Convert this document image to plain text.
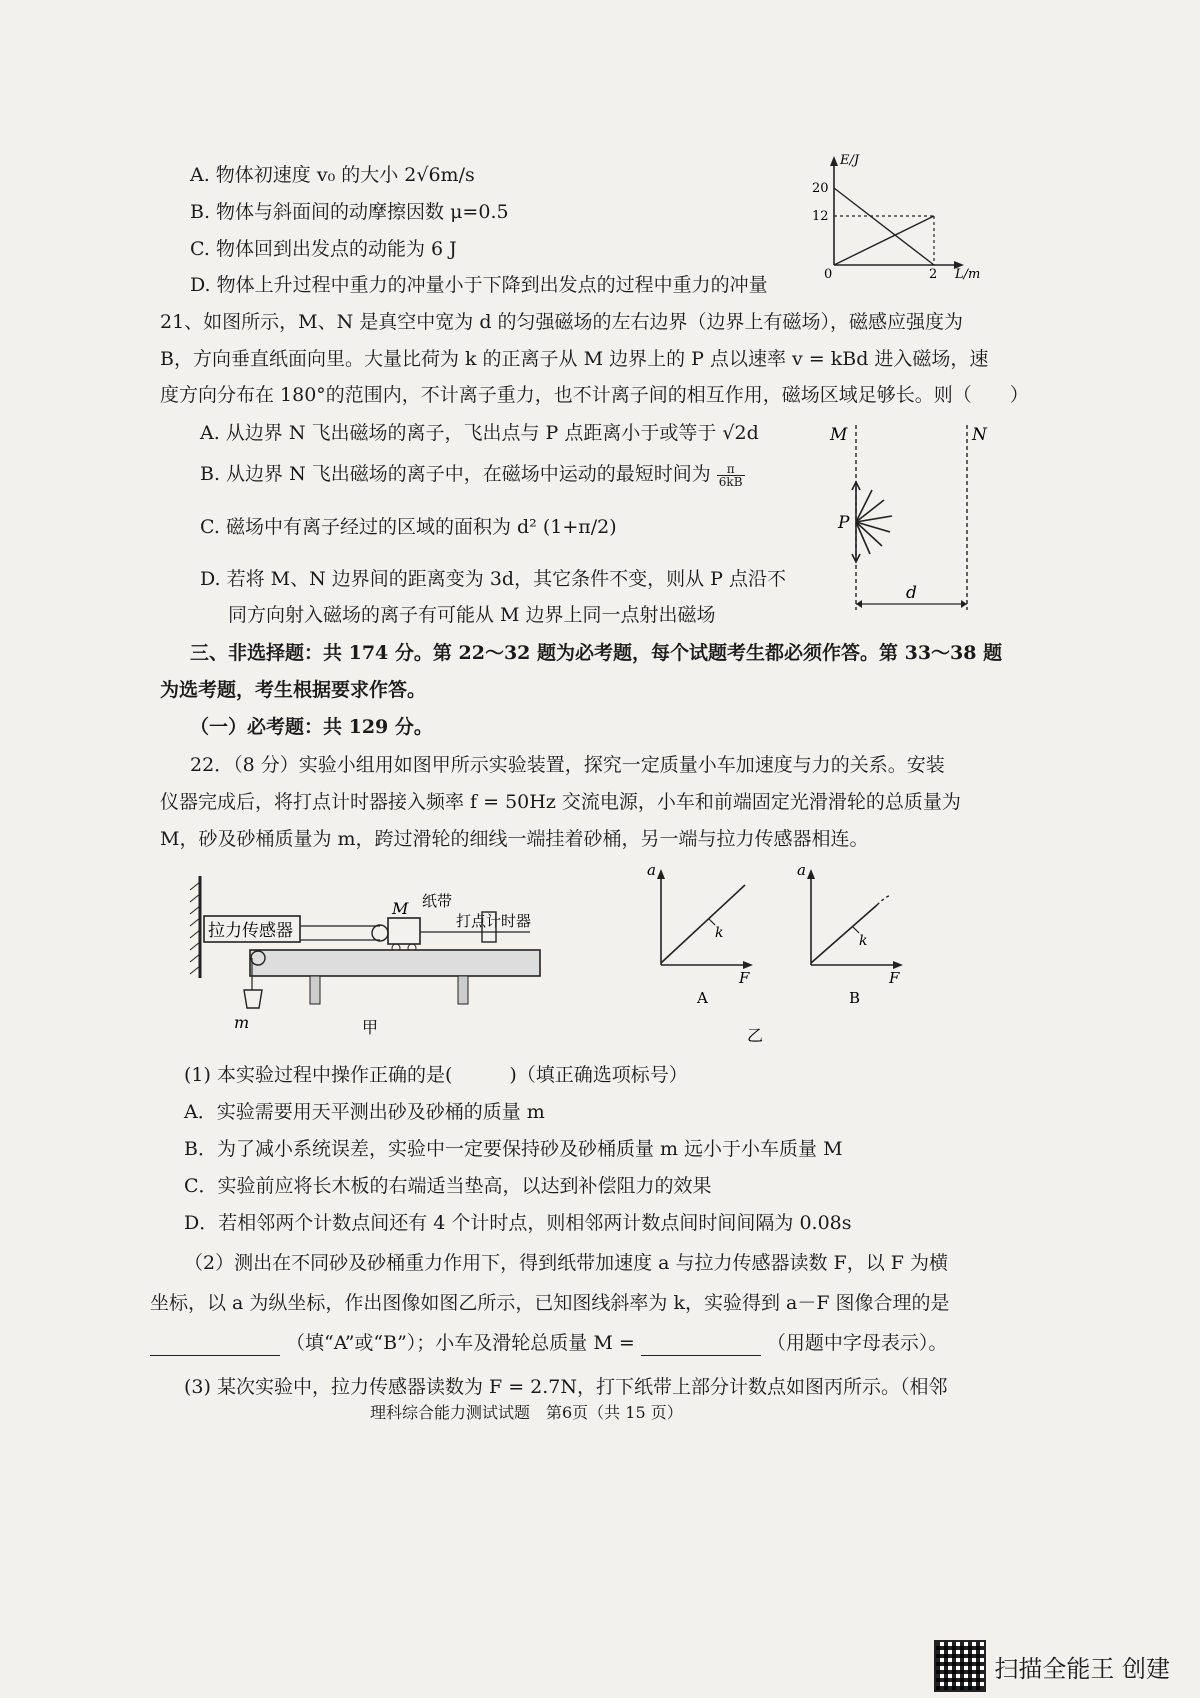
A. 物体初速度 v₀ 的大小 2√6m/s
B. 物体与斜面间的动摩擦因数 μ=0.5
C. 物体回到出发点的动能为 6 J
D. 物体上升过程中重力的冲量小于下降到出发点的过程中重力的冲量
E/J
20
12
0	2 L/m
21、如图所示，M、N 是真空中宽为 d 的匀强磁场的左右边界（边界上有磁场），磁感应强度为
B，方向垂直纸面向里。大量比荷为 k 的正离子从 M 边界上的 P 点以速率 v = kBd 进入磁场，速
度方向分布在 180°的范围内，不计离子重力，也不计离子间的相互作用，磁场区域足够长。则（　　）
A. 从边界 N 飞出磁场的离子，飞出点与 P 点距离小于或等于 √2d
B. 从边界 N 飞出磁场的离子中，在磁场中运动的最短时间为 $\frac{\pi}{6kB}$
C. 磁场中有离子经过的区域的面积为 d² (1+π/2)
D. 若将 M、N 边界间的距离变为 3d，其它条件不变，则从 P 点沿不
同方向射入磁场的离子有可能从 M 边界上同一点射出磁场
M	N
P
d
三、非选择题：共 174 分。第 22～32 题为必考题，每个试题考生都必须作答。第 33～38 题
为选考题，考生根据要求作答。
（一）必考题：共 129 分。
22．（8 分）实验小组用如图甲所示实验装置，探究一定质量小车加速度与力的关系。安装
仪器完成后，将打点计时器接入频率 f = 50Hz 交流电源，小车和前端固定光滑滑轮的总质量为
M，砂及砂桶质量为 m，跨过滑轮的细线一端挂着砂桶，另一端与拉力传感器相连。
拉力传感器
M 纸带
打点计时器
m	甲
a
F
k
A
a
F
k
B
乙
(1) 本实验过程中操作正确的是(　　　)（填正确选项标号）
A．实验需要用天平测出砂及砂桶的质量 m
B．为了减小系统误差，实验中一定要保持砂及砂桶质量 m 远小于小车质量 M
C．实验前应将长木板的右端适当垫高，以达到补偿阻力的效果
D．若相邻两个计数点间还有 4 个计时点，则相邻两计数点间时间间隔为 0.08s
（2）测出在不同砂及砂桶重力作用下，得到纸带加速度 a 与拉力传感器读数 F，以 F 为横
坐标，以 a 为纵坐标，作出图像如图乙所示，已知图线斜率为 k，实验得到 a－F 图像合理的是
（填“A”或“B”）；小车及滑轮总质量 M =	（用题中字母表示）。
(3) 某次实验中，拉力传感器读数为 F = 2.7N，打下纸带上部分计数点如图丙所示。（相邻
理科综合能力测试试题　第6页（共 15 页）
扫描全能王 创建
